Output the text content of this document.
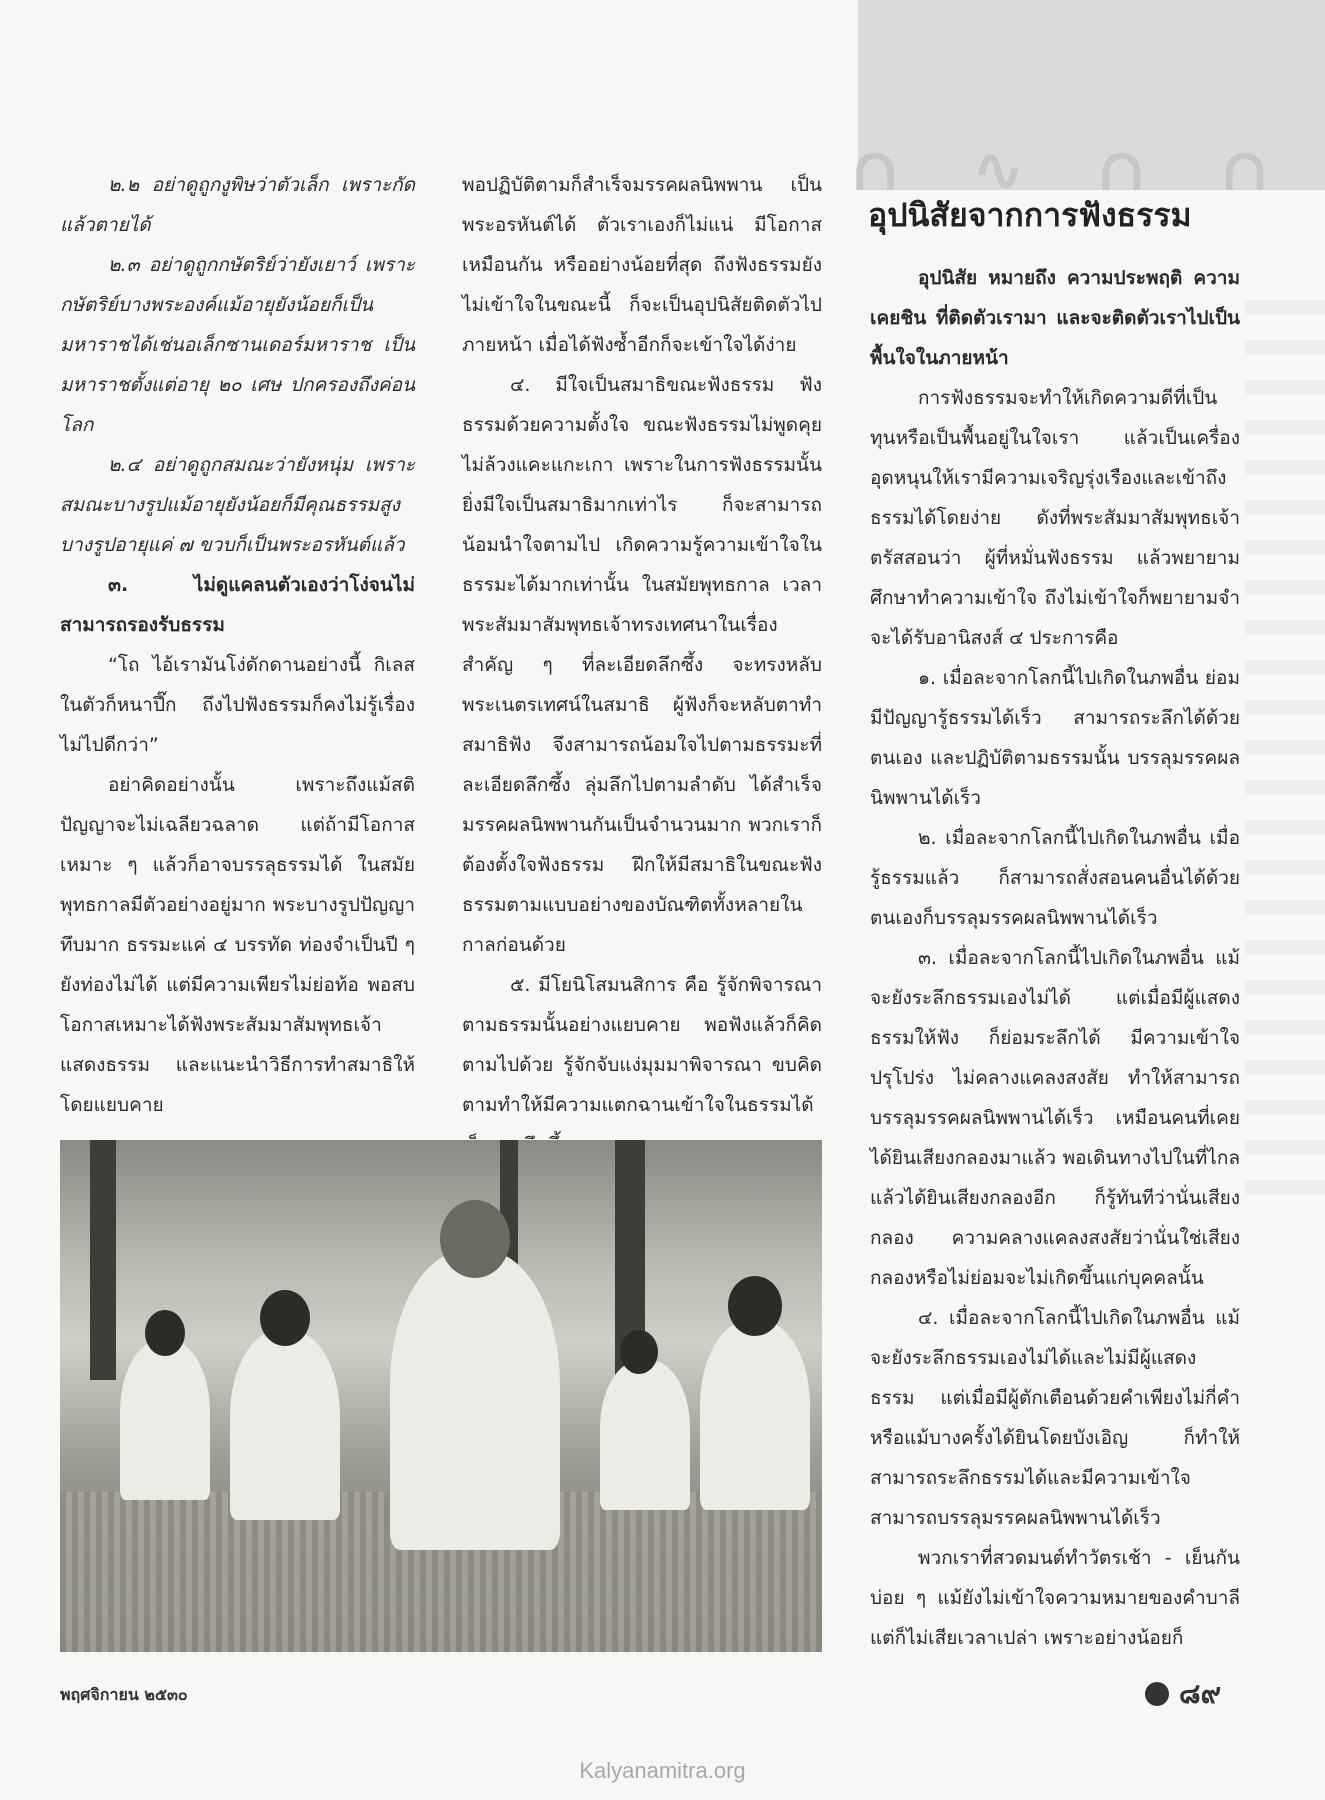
∩ ∿ ∩ ∩
อุปนิสัยจากการฟังธรรม

๒.๒ อย่าดูถูกงูพิษว่าตัวเล็ก เพราะกัดแล้วตายได้

๒.๓ อย่าดูถูกกษัตริย์ว่ายังเยาว์ เพราะกษัตริย์บางพระองค์แม้อายุยังน้อยก็เป็นมหาราชได้เช่นอเล็กซานเดอร์มหาราช เป็นมหาราชตั้งแต่อายุ ๒๐ เศษ ปกครองถึงค่อนโลก

๒.๔ อย่าดูถูกสมณะว่ายังหนุ่ม เพราะสมณะบางรูปแม้อายุยังน้อยก็มีคุณธรรมสูง บางรูปอายุแค่ ๗ ขวบก็เป็นพระอรหันต์แล้ว

๓. ไม่ดูแคลนตัวเองว่าโง่จนไม่สามารถรองรับธรรม

“โถ ไอ้เรามันโง่ดักดานอย่างนี้ กิเลสในตัวก็หนาปึ๊ก ถึงไปฟังธรรมก็คงไม่รู้เรื่อง ไม่ไปดีกว่า”

อย่าคิดอย่างนั้น เพราะถึงแม้สติปัญญาจะไม่เฉลียวฉลาด แต่ถ้ามีโอกาสเหมาะ ๆ แล้วก็อาจบรรลุธรรมได้ ในสมัยพุทธกาลมีตัวอย่างอยู่มาก พระบางรูปปัญญาทึบมาก ธรรมะแค่ ๔ บรรทัด ท่องจำเป็นปี ๆ ยังท่องไม่ได้ แต่มีความเพียรไม่ย่อท้อ พอสบโอกาสเหมาะได้ฟังพระสัมมาสัมพุทธเจ้าแสดงธรรม และแนะนำวิธีการทำสมาธิให้โดยแยบคาย

พอปฏิบัติตามก็สำเร็จมรรคผลนิพพาน เป็นพระอรหันต์ได้ ตัวเราเองก็ไม่แน่ มีโอกาสเหมือนกัน หรืออย่างน้อยที่สุด ถึงฟังธรรมยังไม่เข้าใจในขณะนี้ ก็จะเป็นอุปนิสัยติดตัวไปภายหน้า เมื่อได้ฟังซ้ำอีกก็จะเข้าใจได้ง่าย

๔. มีใจเป็นสมาธิขณะฟังธรรม ฟังธรรมด้วยความตั้งใจ ขณะฟังธรรมไม่พูดคุย ไม่ล้วงแคะแกะเกา เพราะในการฟังธรรมนั้นยิ่งมีใจเป็นสมาธิมากเท่าไร ก็จะสามารถน้อมนำใจตามไป เกิดความรู้ความเข้าใจในธรรมะได้มากเท่านั้น ในสมัยพุทธกาล เวลาพระสัมมาสัมพุทธเจ้าทรงเทศนาในเรื่องสำคัญ ๆ ที่ละเอียดลึกซึ้ง จะทรงหลับพระเนตรเทศน์ในสมาธิ ผู้ฟังก็จะหลับตาทำสมาธิฟัง จึงสามารถน้อมใจไปตามธรรมะที่ละเอียดลึกซึ้ง ลุ่มลึกไปตามลำดับ ได้สำเร็จมรรคผลนิพพานกันเป็นจำนวนมาก พวกเราก็ต้องตั้งใจฟังธรรม ฝึกให้มีสมาธิในขณะฟังธรรมตามแบบอย่างของบัณฑิตทั้งหลายในกาลก่อนด้วย

๕. มีโยนิโสมนสิการ คือ รู้จักพิจารณาตามธรรมนั้นอย่างแยบคาย พอฟังแล้วก็คิดตามไปด้วย รู้จักจับแง่มุมมาพิจารณา ขบคิดตามทำให้มีความแตกฉานเข้าใจในธรรมได้

อุปนิสัย หมายถึง ความประพฤติ ความเคยชิน ที่ติดตัวเรามา และจะติดตัวเราไปเป็นพื้นใจในภายหน้า

การฟังธรรมจะทำให้เกิดความดีที่เป็นทุนหรือเป็นพื้นอยู่ในใจเรา แล้วเป็นเครื่องอุดหนุนให้เรามีความเจริญรุ่งเรืองและเข้าถึงธรรมได้โดยง่าย ดังที่พระสัมมาสัมพุทธเจ้าตรัสสอนว่า ผู้ที่หมั่นฟังธรรม แล้วพยายามศึกษาทำความเข้าใจ ถึงไม่เข้าใจก็พยายามจำ จะได้รับอานิสงส์ ๔ ประการคือ

๑. เมื่อละจากโลกนี้ไปเกิดในภพอื่น ย่อมมีปัญญารู้ธรรมได้เร็ว สามารถระลึกได้ด้วยตนเอง และปฏิบัติตามธรรมนั้น บรรลุมรรคผลนิพพานได้เร็ว

๒. เมื่อละจากโลกนี้ไปเกิดในภพอื่น เมื่อรู้ธรรมแล้ว ก็สามารถสั่งสอนคนอื่นได้ด้วยตนเองก็บรรลุมรรคผลนิพพานได้เร็ว

๓. เมื่อละจากโลกนี้ไปเกิดในภพอื่น แม้จะยังระลึกธรรมเองไม่ได้ แต่เมื่อมีผู้แสดงธรรมให้ฟัง ก็ย่อมระลึกได้ มีความเข้าใจปรุโปร่ง ไม่คลางแคลงสงสัย ทำให้สามารถบรรลุมรรคผลนิพพานได้เร็ว เหมือนคนที่เคยได้ยินเสียงกลองมาแล้ว พอเดินทางไปในที่ไกลแล้วได้ยินเสียงกลองอีก ก็รู้ทันทีว่านั่นเสียงกลอง ความคลางแคลงสงสัยว่านั่นใช่เสียงกลองหรือไม่ย่อมจะไม่เกิดขึ้นแก่บุคคลนั้น

๔. เมื่อละจากโลกนี้ไปเกิดในภพอื่น แม้จะยังระลึกธรรมเองไม่ได้และไม่มีผู้แสดงธรรม แต่เมื่อมีผู้ตักเตือนด้วยคำเพียงไม่กี่คำ หรือแม้บางครั้งได้ยินโดยบังเอิญ ก็ทำให้สามารถระลึกธรรมได้และมีความเข้าใจ สามารถบรรลุมรรคผลนิพพานได้เร็ว

พวกเราที่สวดมนต์ทำวัตรเช้า - เย็นกันบ่อย ๆ แม้ยังไม่เข้าใจความหมายของคำบาลี แต่ก็ไม่เสียเวลาเปล่า เพราะอย่างน้อยก็

พฤศจิกายน ๒๕๓๐	๘๙
Kalyanamitra.org
